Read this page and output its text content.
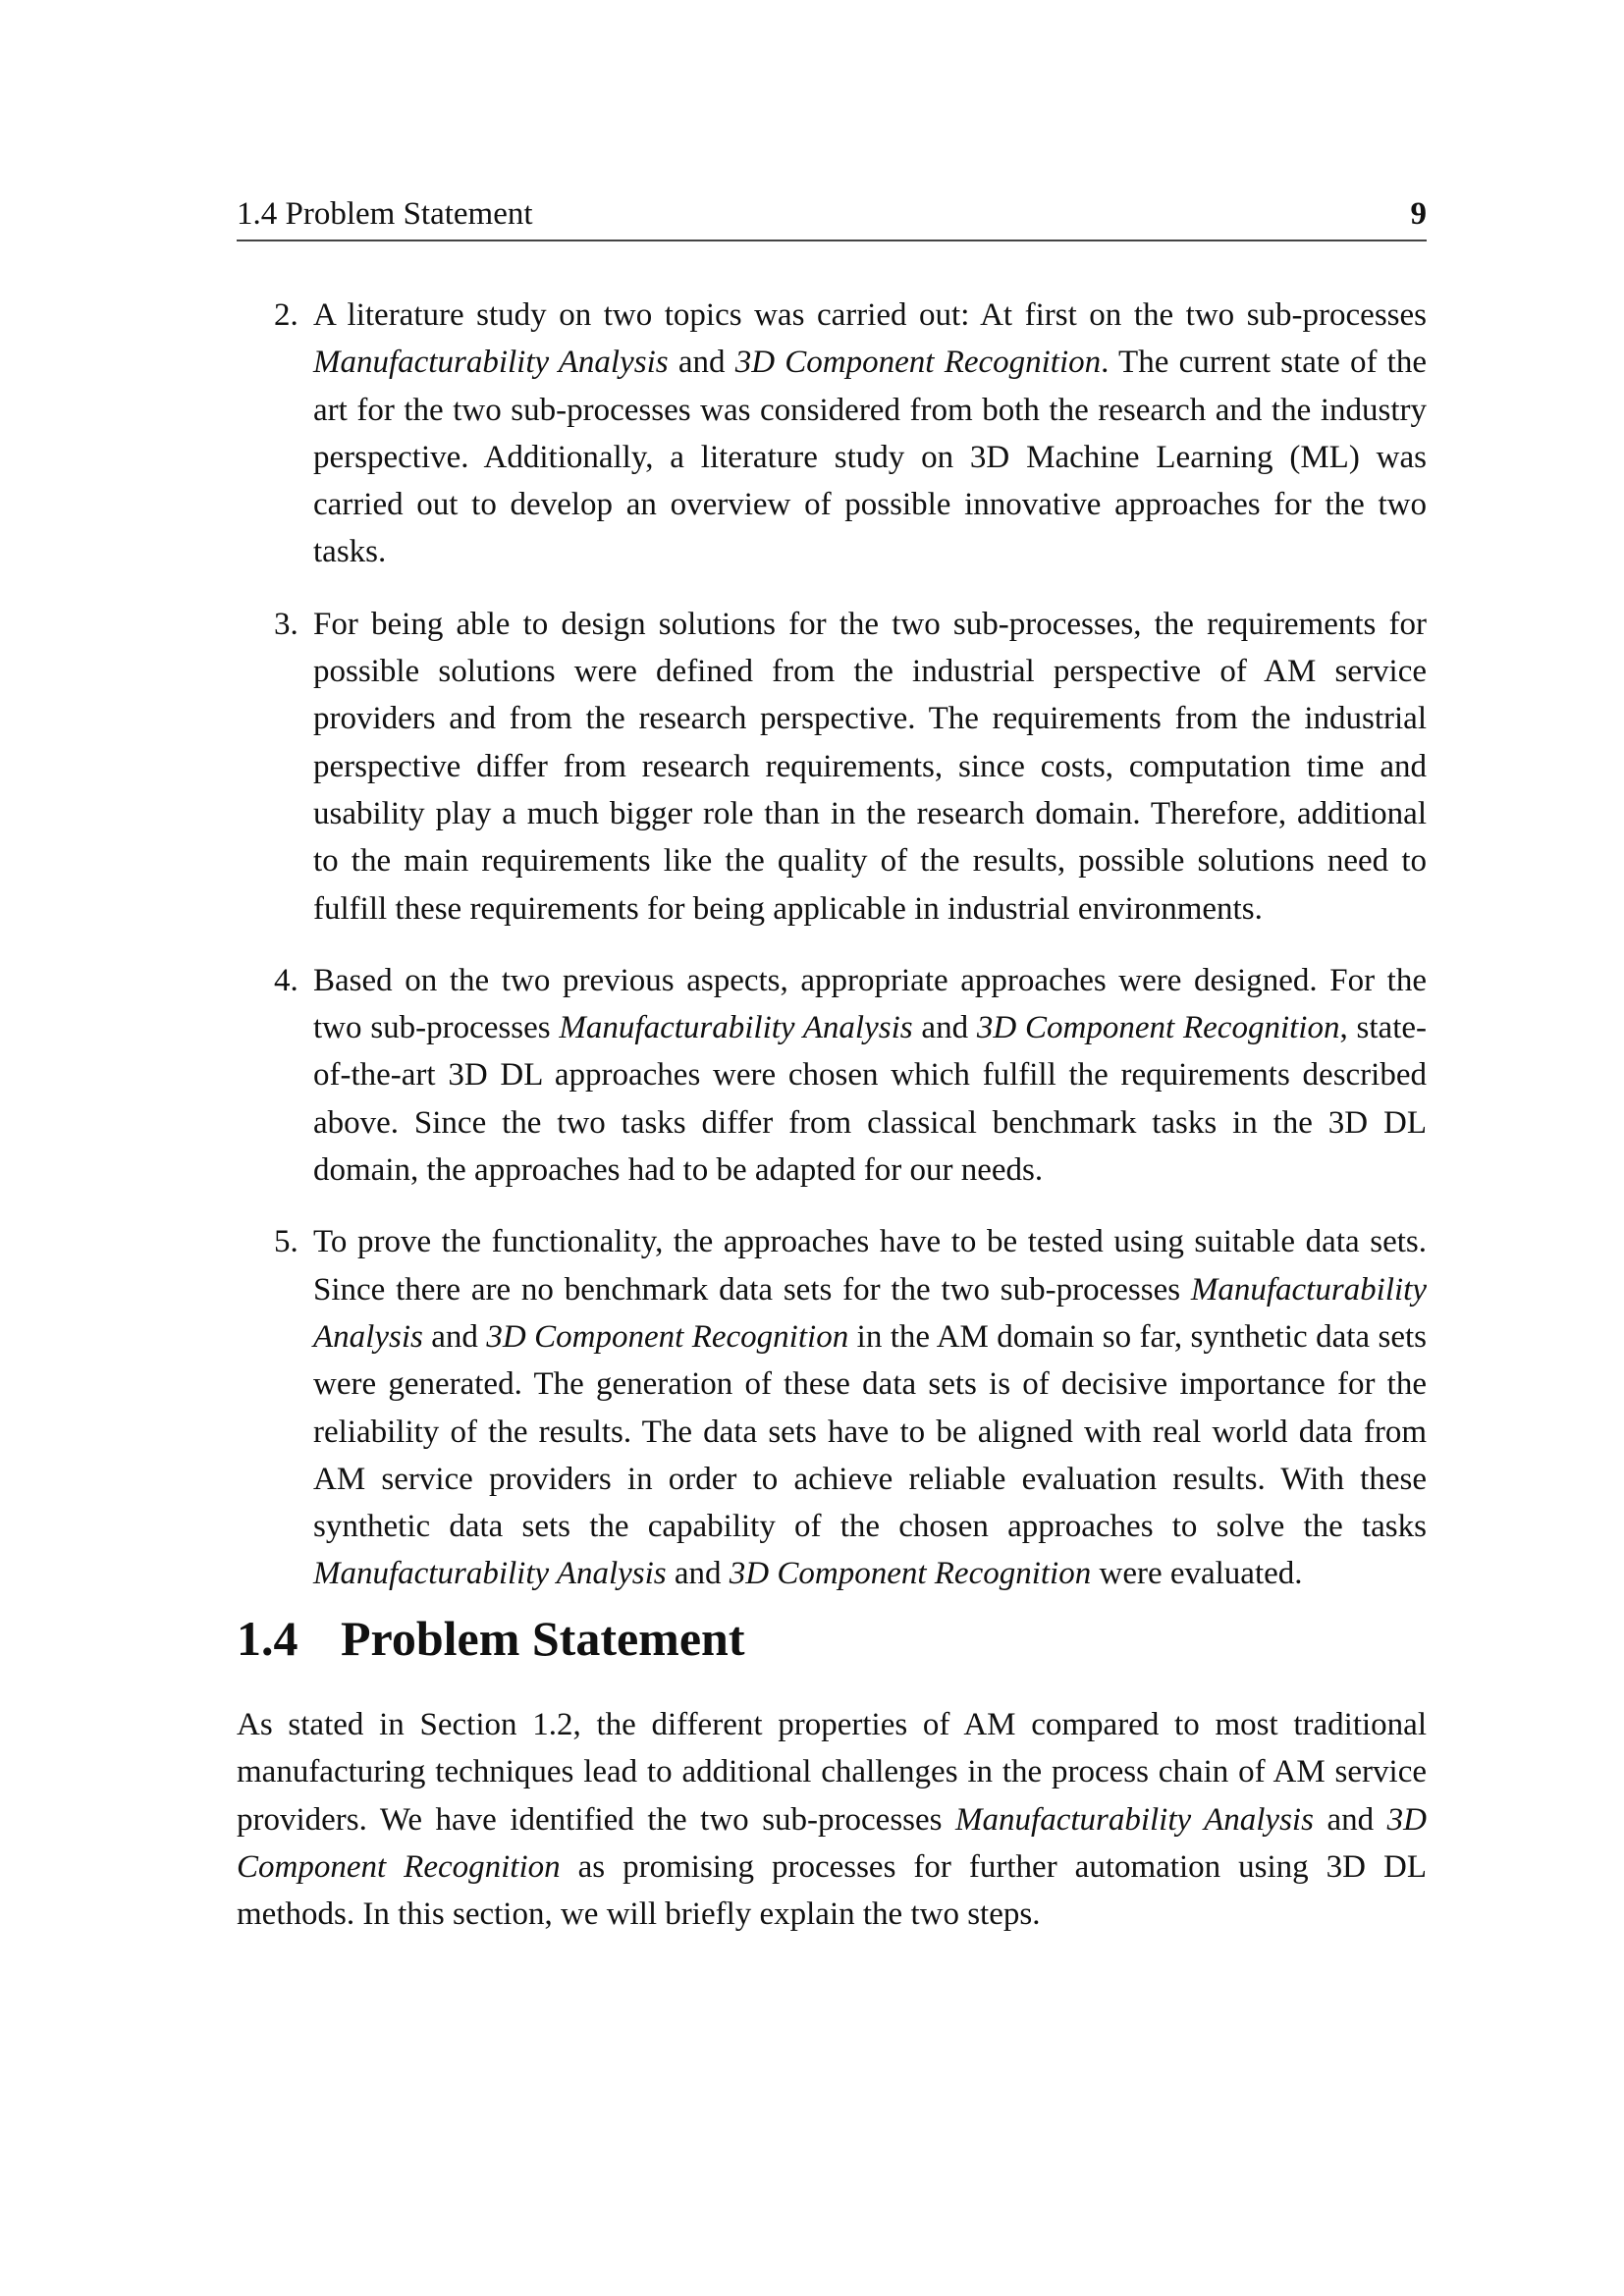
1.4 Problem Statement	9
2. A literature study on two topics was carried out: At first on the two sub-processes Manufacturability Analysis and 3D Component Recognition. The current state of the art for the two sub-processes was considered from both the research and the industry perspective. Additionally, a literature study on 3D Machine Learning (ML) was carried out to develop an overview of possible innovative approaches for the two tasks.
3. For being able to design solutions for the two sub-processes, the requirements for possible solutions were defined from the industrial perspective of AM service providers and from the research perspective. The requirements from the industrial perspective differ from research requirements, since costs, computation time and usability play a much bigger role than in the research domain. Therefore, additional to the main requirements like the quality of the results, possible solutions need to fulfill these requirements for being applicable in industrial environments.
4. Based on the two previous aspects, appropriate approaches were designed. For the two sub-processes Manufacturability Analysis and 3D Component Recognition, state-of-the-art 3D DL approaches were chosen which fulfill the requirements described above. Since the two tasks differ from classical benchmark tasks in the 3D DL domain, the approaches had to be adapted for our needs.
5. To prove the functionality, the approaches have to be tested using suitable data sets. Since there are no benchmark data sets for the two sub-processes Manufacturability Analysis and 3D Component Recognition in the AM domain so far, synthetic data sets were generated. The generation of these data sets is of decisive importance for the reliability of the results. The data sets have to be aligned with real world data from AM service providers in order to achieve reliable evaluation results. With these synthetic data sets the capability of the chosen approaches to solve the tasks Manufacturability Analysis and 3D Component Recognition were evaluated.
1.4 Problem Statement

As stated in Section 1.2, the different properties of AM compared to most traditional manufacturing techniques lead to additional challenges in the process chain of AM service providers. We have identified the two sub-processes Manufacturability Analysis and 3D Component Recognition as promising processes for further automation using 3D DL methods. In this section, we will briefly explain the two steps.
